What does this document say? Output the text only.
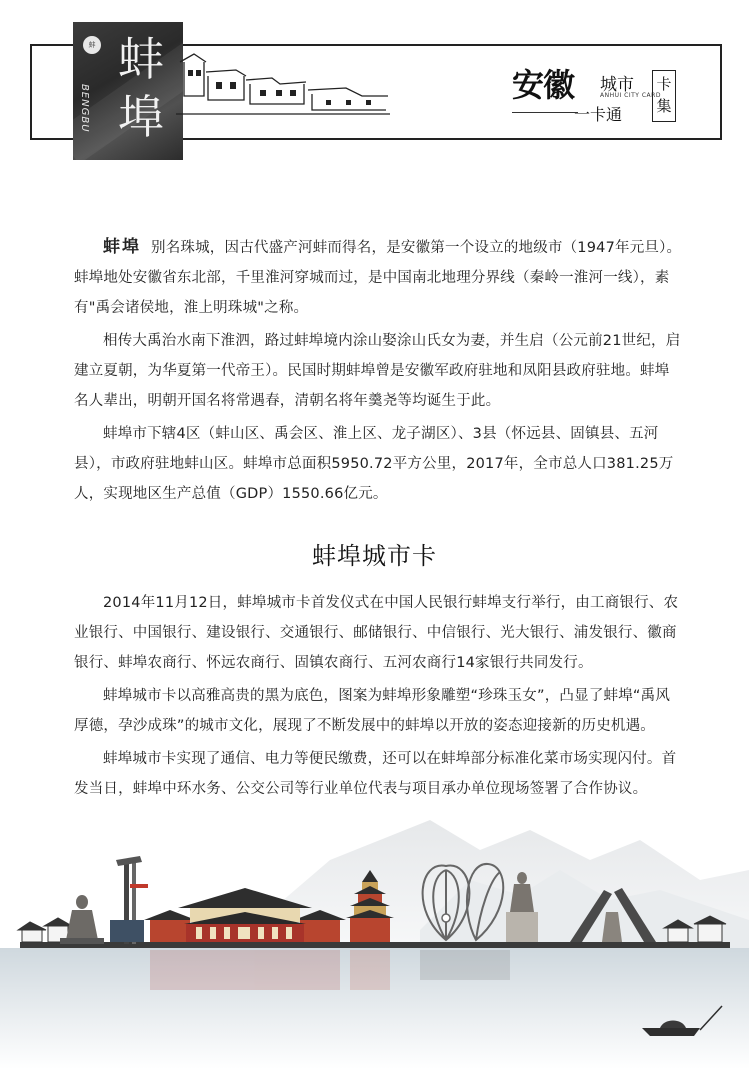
蚌 蚌埠
BENGBU	安徽 城市
ANHUI CITY CARD
一卡通
卡集

蚌埠 别名珠城，因古代盛产河蚌而得名，是安徽第一个设立的地级市（1947年元旦）。蚌埠地处安徽省东北部，千里淮河穿城而过，是中国南北地理分界线（秦岭一淮河一线），素有"禹会诸侯地，淮上明珠城"之称。

相传大禹治水南下淮泗，路过蚌埠境内涂山娶涂山氏女为妻，并生启（公元前21世纪，启建立夏朝，为华夏第一代帝王）。民国时期蚌埠曾是安徽军政府驻地和凤阳县政府驻地。蚌埠名人辈出，明朝开国名将常遇春，清朝名将年羹尧等均诞生于此。

蚌埠市下辖4区（蚌山区、禹会区、淮上区、龙子湖区）、3县（怀远县、固镇县、五河县），市政府驻地蚌山区。蚌埠市总面积5950.72平方公里，2017年，全市总人口381.25万人，实现地区生产总值（GDP）1550.66亿元。

蚌埠城市卡

2014年11月12日，蚌埠城市卡首发仪式在中国人民银行蚌埠支行举行，由工商银行、农业银行、中国银行、建设银行、交通银行、邮储银行、中信银行、光大银行、浦发银行、徽商银行、蚌埠农商行、怀远农商行、固镇农商行、五河农商行14家银行共同发行。

蚌埠城市卡以高雅高贵的黑为底色，图案为蚌埠形象雕塑“珍珠玉女”，凸显了蚌埠“禹风厚德，孕沙成珠”的城市文化，展现了不断发展中的蚌埠以开放的姿态迎接新的历史机遇。

蚌埠城市卡实现了通信、电力等便民缴费，还可以在蚌埠部分标准化菜市场实现闪付。首发当日，蚌埠中环水务、公交公司等行业单位代表与项目承办单位现场签署了合作协议。
